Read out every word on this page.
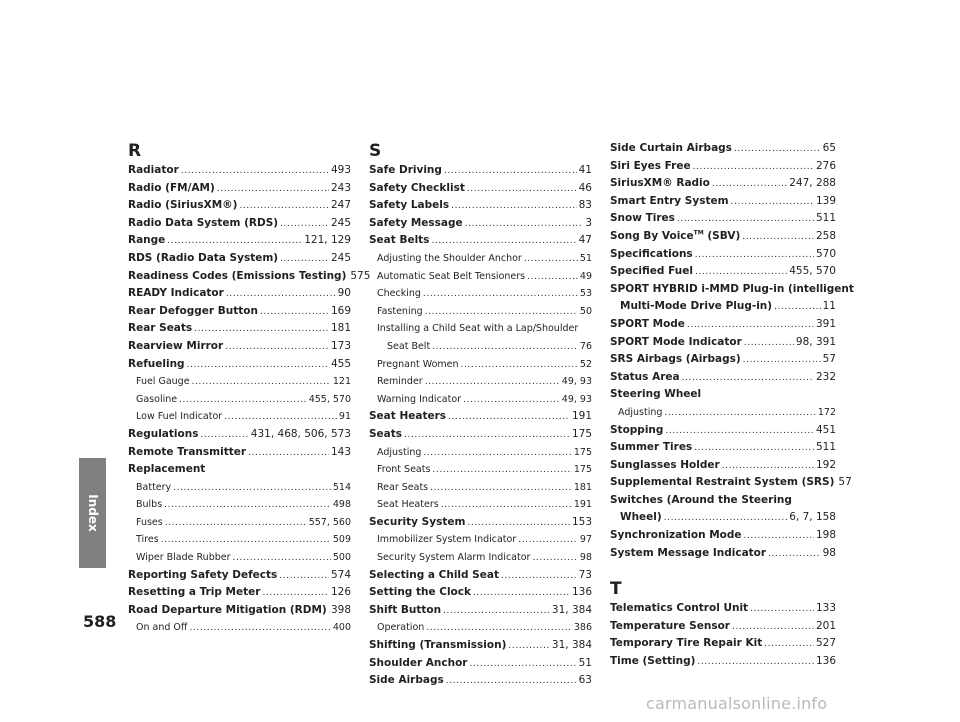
Index
588
R
Radiator .....	493
Radio (FM/AM) .....	243
Radio (SiriusXM®) .....	247
Radio Data System (RDS) .....	245
Range .....	121, 129
RDS (Radio Data System) .....	245
Readiness Codes (Emissions Testing) 575
READY Indicator .....	90
Rear Defogger Button .....	169
Rear Seats .....	181
Rearview Mirror .....	173
Refueling .....	455
Fuel Gauge .....	121
Gasoline .....	455, 570
Low Fuel Indicator .....	91
Regulations .....	431, 468, 506, 573
Remote Transmitter .....	143
Replacement
Battery .....	514
Bulbs .....	498
Fuses .....	557, 560
Tires .....	509
Wiper Blade Rubber .....	500
Reporting Safety Defects .....	574
Resetting a Trip Meter .....	126
Road Departure Mitigation (RDM) ..... 398
On and Off .....	400
S
Safe Driving .....	41
Safety Checklist .....	46
Safety Labels .....	83
Safety Message .....	3
Seat Belts .....	47
Adjusting the Shoulder Anchor .....	51
Automatic Seat Belt Tensioners .....	49
Checking .....	53
Fastening .....	50
Installing a Child Seat with a Lap/Shoulder
Seat Belt .....	76
Pregnant Women .....	52
Reminder .....	49, 93
Warning Indicator .....	49, 93
Seat Heaters .....	191
Seats .....	175
Adjusting .....	175
Front Seats .....	175
Rear Seats .....	181
Seat Heaters .....	191
Security System .....	153
Immobilizer System Indicator .....	97
Security System Alarm Indicator .....	98
Selecting a Child Seat .....	73
Setting the Clock .....	136
Shift Button .....	31, 384
Operation .....	386
Shifting (Transmission) .....	31, 384
Shoulder Anchor .....	51
Side Airbags .....	63
Side Curtain Airbags .....	65
Siri Eyes Free .....	276
SiriusXM® Radio .....	247, 288
Smart Entry System .....	139
Snow Tires .....	511
Song By Voice™ (SBV) .....	258
Specifications .....	570
Specified Fuel .....	455, 570
SPORT HYBRID i-MMD Plug-in (intelligent
Multi-Mode Drive Plug-in) .....	11
SPORT Mode .....	391
SPORT Mode Indicator .....	98, 391
SRS Airbags (Airbags) .....	57
Status Area .....	232
Steering Wheel
Adjusting .....	172
Stopping .....	451
Summer Tires .....	511
Sunglasses Holder .....	192
Supplemental Restraint System (SRS) 57
Switches (Around the Steering
Wheel) .....	6, 7, 158
Synchronization Mode .....	198
System Message Indicator .....	98
T
Telematics Control Unit .....	133
Temperature Sensor .....	201
Temporary Tire Repair Kit .....	527
Time (Setting) .....	136
carmanualsonline.info
